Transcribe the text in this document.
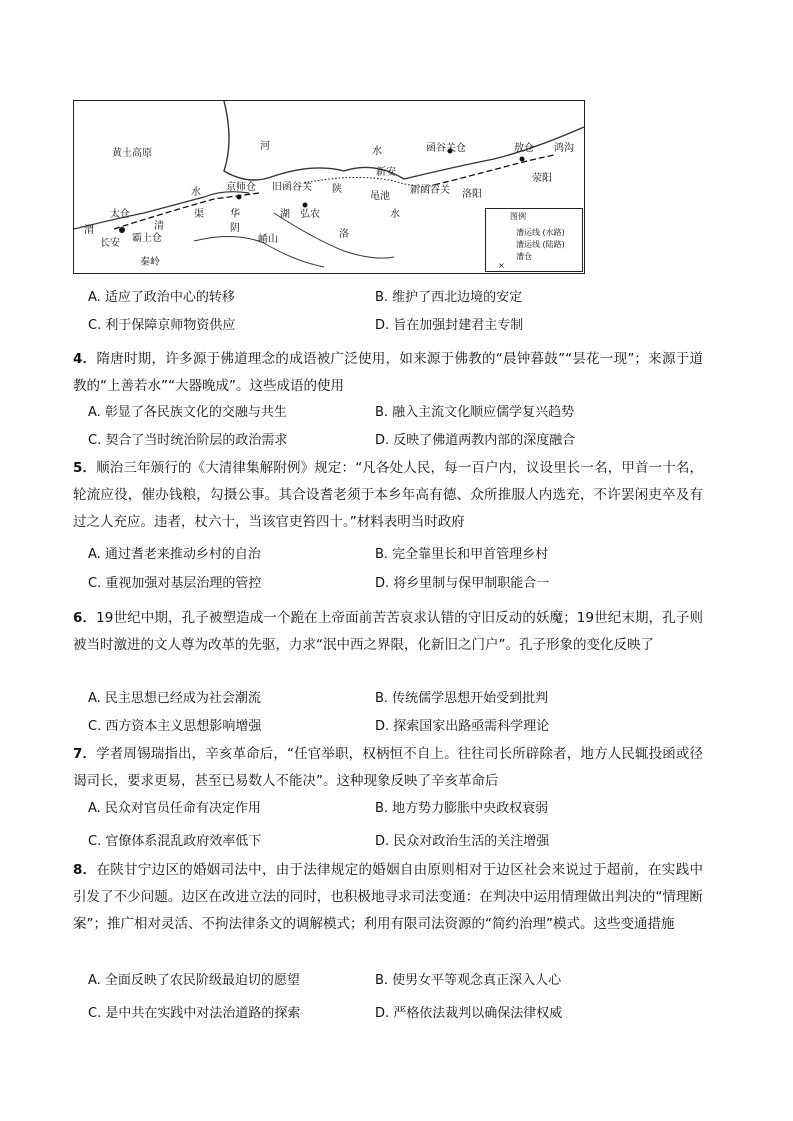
黄土高原
河	水	函谷关仓	敖仓 鸿沟
水	京师仓 旧函谷关 陕
新安
荥阳
太仓	渠	华	湖 弘农
黾池
新函谷关 洛阳
渭	清	阴
霸上仓
长安
水
崤山	洛
秦岭
图例
漕运线 (水路)
漕运线 (陆路)
漕仓
×
A. 适应了政治中心的转移	B. 维护了西北边境的安定
C. 利于保障京师物资供应	D. 旨在加强封建君主专制
4．隋唐时期，许多源于佛道理念的成语被广泛使用，如来源于佛教的“晨钟暮鼓”“昙花一现”；来源于道教的“上善若水”“大器晚成”。这些成语的使用
A. 彰显了各民族文化的交融与共生	B. 融入主流文化顺应儒学复兴趋势
C. 契合了当时统治阶层的政治需求	D. 反映了佛道两教内部的深度融合
5．顺治三年颁行的《大清律集解附例》规定：“凡各处人民，每一百户内，议设里长一名，甲首一十名，轮流应役，催办钱粮，勾摄公事。其合设耆老须于本乡年高有德、众所推服人内选充，不许罢闲吏卒及有过之人充应。违者，杖六十，当该官吏笞四十。”材料表明当时政府
A. 通过耆老来推动乡村的自治	B. 完全靠里长和甲首管理乡村
C. 重视加强对基层治理的管控	D. 将乡里制与保甲制职能合一
6．19世纪中期，孔子被塑造成一个跪在上帝面前苦苦哀求认错的守旧反动的妖魔；19世纪末期，孔子则被当时激进的文人尊为改革的先驱，力求“泯中西之界限，化新旧之门户”。孔子形象的变化反映了
A. 民主思想已经成为社会潮流	B. 传统儒学思想开始受到批判
C. 西方资本主义思想影响增强	D. 探索国家出路亟需科学理论
7．学者周锡瑞指出，辛亥革命后，“任官举职，权柄恒不自上。往往司长所辟除者，地方人民辄投函或径谒司长，要求更易，甚至已易数人不能决”。这种现象反映了辛亥革命后
A. 民众对官员任命有决定作用	B. 地方势力膨胀中央政权衰弱
C. 官僚体系混乱政府效率低下	D. 民众对政治生活的关注增强
8．在陕甘宁边区的婚姻司法中，由于法律规定的婚姻自由原则相对于边区社会来说过于超前，在实践中引发了不少问题。边区在改进立法的同时，也积极地寻求司法变通：在判决中运用情理做出判决的“情理断案”；推广相对灵活、不拘法律条文的调解模式；利用有限司法资源的“简约治理”模式。这些变通措施
A. 全面反映了农民阶级最迫切的愿望	B. 使男女平等观念真正深入人心
C. 是中共在实践中对法治道路的探索	D. 严格依法裁判以确保法律权威
